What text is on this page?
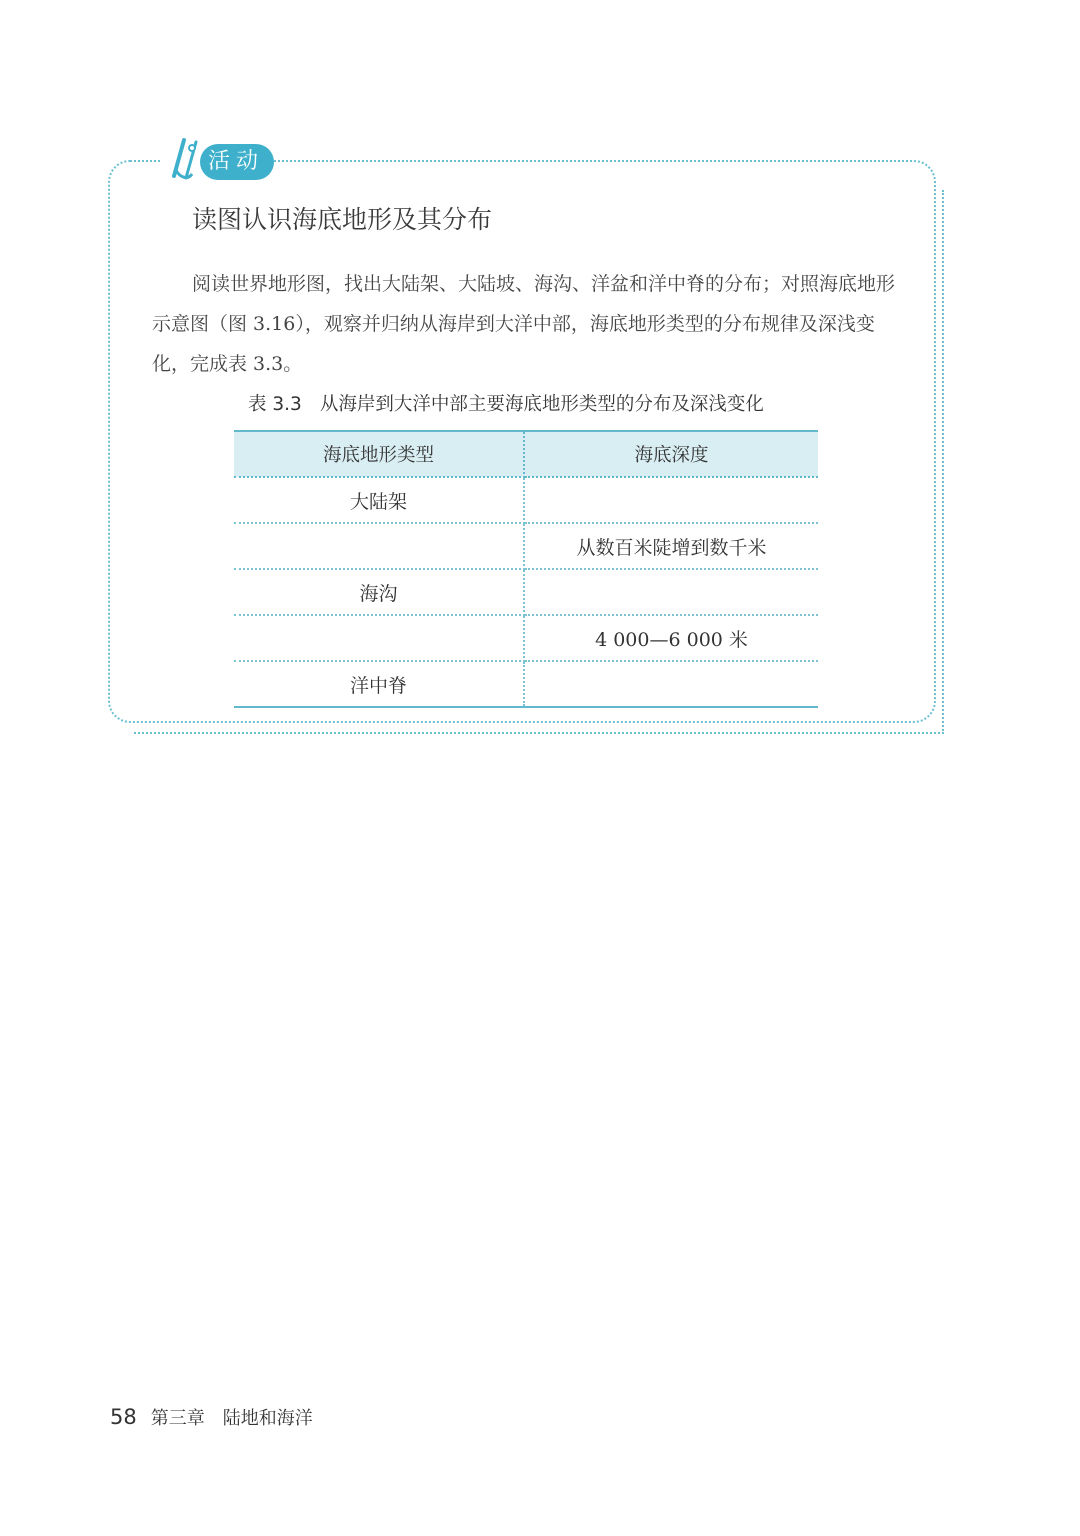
活动
读图认识海底地形及其分布
阅读世界地形图，找出大陆架、大陆坡、海沟、洋盆和洋中脊的分布；对照海底地形示意图（图 3.16），观察并归纳从海岸到大洋中部，海底地形类型的分布规律及深浅变化，完成表 3.3。
表 3.3 从海岸到大洋中部主要海底地形类型的分布及深浅变化
海底地形类型	海底深度
大陆架	
	从数百米陡增到数千米
海沟	
	4 000—6 000 米
洋中脊	
58 第三章 陆地和海洋
